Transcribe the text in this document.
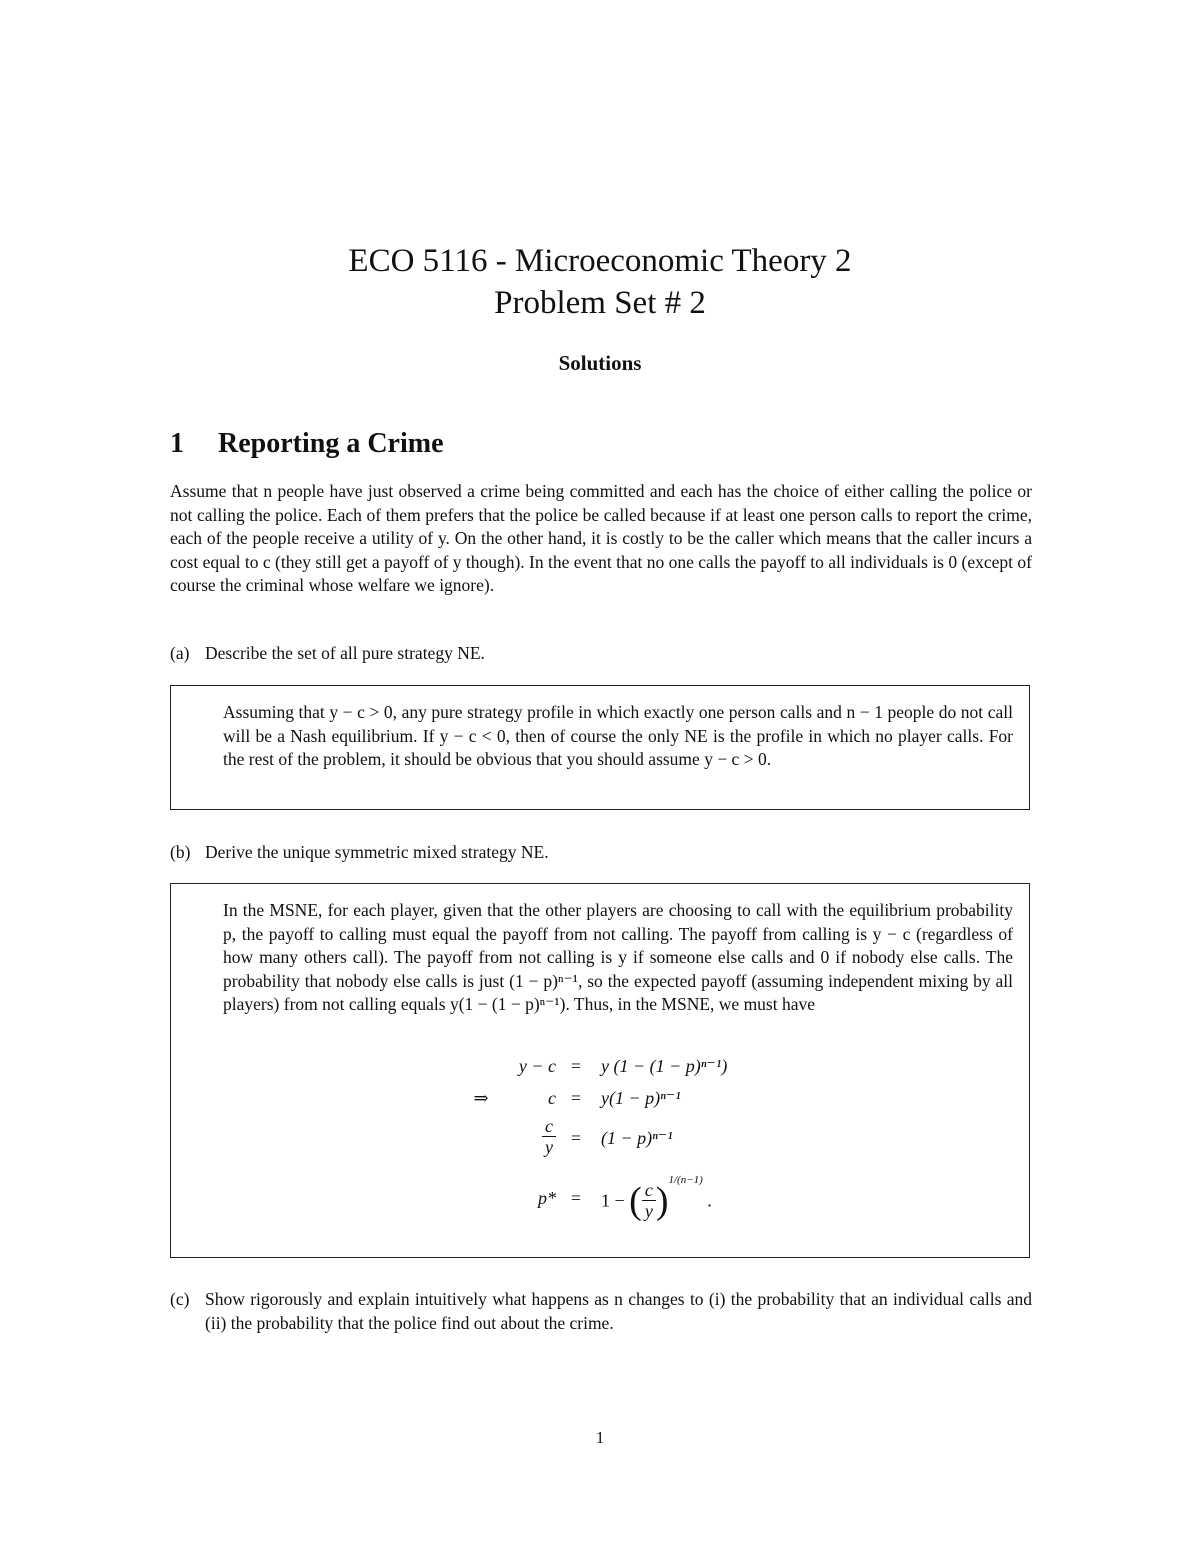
ECO 5116 - Microeconomic Theory 2
Problem Set # 2
Solutions
1 Reporting a Crime
Assume that n people have just observed a crime being committed and each has the choice of either calling the police or not calling the police. Each of them prefers that the police be called because if at least one person calls to report the crime, each of the people receive a utility of y. On the other hand, it is costly to be the caller which means that the caller incurs a cost equal to c (they still get a payoff of y though). In the event that no one calls the payoff to all individuals is 0 (except of course the criminal whose welfare we ignore).
(a) Describe the set of all pure strategy NE.
Assuming that y − c > 0, any pure strategy profile in which exactly one person calls and n − 1 people do not call will be a Nash equilibrium. If y − c < 0, then of course the only NE is the profile in which no player calls. For the rest of the problem, it should be obvious that you should assume y − c > 0.
(b) Derive the unique symmetric mixed strategy NE.
In the MSNE, for each player, given that the other players are choosing to call with the equilibrium probability p, the payoff to calling must equal the payoff from not calling. The payoff from calling is y − c (regardless of how many others call). The payoff from not calling is y if someone else calls and 0 if nobody else calls. The probability that nobody else calls is just (1 − p)ⁿ⁻¹, so the expected payoff (assuming independent mixing by all players) from not calling equals y(1 − (1 − p)ⁿ⁻¹). Thus, in the MSNE, we must have
y − c = y (1 − (1 − p)ⁿ⁻¹)
⇒	c = y(1 − p)ⁿ⁻¹
$\frac{c}{y} = (1 - p)^{n-1}$
p* = 1 − ( $\frac{c}{y} )^{1/(n-1)}$ .
(c) Show rigorously and explain intuitively what happens as n changes to (i) the probability that an individual calls and (ii) the probability that the police find out about the crime.
1
